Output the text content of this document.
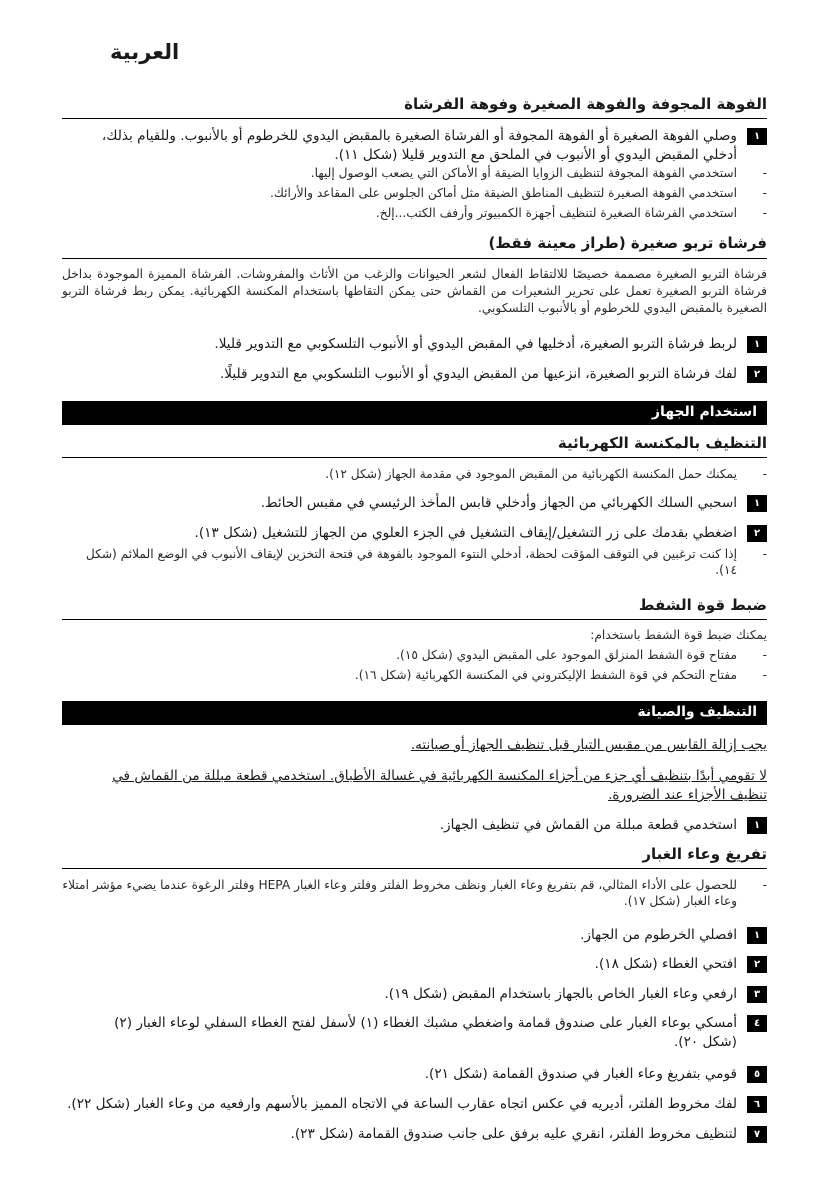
العربية
الفوهة المجوفة والفوهة الصغيرة وفوهة الفرشاة
١
وصلي الفوهة الصغيرة أو الفوهة المجوفة أو الفرشاة الصغيرة بالمقبض اليدوي للخرطوم أو بالأنبوب. وللقيام بذلك،
أدخلي المقبض اليدوي أو الأنبوب في الملحق مع التدوير قليلا (شكل ١١).
-
استخدمي الفوهة المجوفة لتنظيف الزوايا الضيقة أو الأماكن التي يصعب الوصول إليها.
-
استخدمي الفوهة الصغيرة لتنظيف المناطق الضيقة مثل أماكن الجلوس على المقاعد والأرائك.
-
استخدمي الفرشاة الصغيرة لتنظيف أجهزة الكمبيوتر وأرفف الكتب...إلخ.
فرشاة تربو صغيرة (طراز معينة فقط)
فرشاة التربو الصغيرة مصممة خصيصًا للالتقاط الفعال لشعر الحيوانات والزغب من الأثاث والمفروشات. الفرشاة المميزة الموجودة بداخل فرشاة التربو الصغيرة تعمل على تحرير الشعيرات من القماش حتى يمكن التقاطها باستخدام المكنسة الكهربائية. يمكن ربط فرشاة التربو الصغيرة بالمقبض اليدوي للخرطوم أو بالأنبوب التلسكوبي.
١
لربط فرشاة التربو الصغيرة، أدخليها في المقبض اليدوي أو الأنبوب التلسكوبي مع التدوير قليلا.
٢
لفك فرشاة التربو الصغيرة، انزعيها من المقبض اليدوي أو الأنبوب التلسكوبي مع التدوير قليلًا.
استخدام الجهاز
التنظيف بالمكنسة الكهربائية
-
يمكنك حمل المكنسة الكهربائية من المقبض الموجود في مقدمة الجهاز (شكل ١٢).
١
اسحبي السلك الكهربائي من الجهاز وأدخلي قابس المأخذ الرئيسي في مقبس الحائط.
٢
اضغطي بقدمك على زر التشغيل/إيقاف التشغيل في الجزء العلوي من الجهاز للتشغيل (شكل ١٣).
-
إذا كنت ترغبين في التوقف المؤقت لحظة، أدخلي النتوء الموجود بالفوهة في فتحة التخزين لإيقاف الأنبوب في الوضع الملائم (شكل ١٤).
ضبط قوة الشفط
يمكنك ضبط قوة الشفط باستخدام:
-
مفتاح قوة الشفط المنزلق الموجود على المقبض اليدوي (شكل ١٥).
-
مفتاح التحكم في قوة الشفط الإليكتروني في المكنسة الكهربائية (شكل ١٦).
التنظيف والصيانة
يجب إزالة القابس من مقبس التيار قبل تنظيف الجهاز أو صيانته.
لا تقومي أبدًا بتنظيف أي جزء من أجزاء المكنسة الكهربائية في غسالة الأطباق. استخدمي قطعة مبللة من القماش في تنظيف الأجزاء عند الضرورة.
١
استخدمي قطعة مبللة من القماش في تنظيف الجهاز.
تفريغ وعاء الغبار
-
للحصول على الأداء المثالي، قم بتفريغ وعاء الغبار ونظف مخروط الفلتر وفلتر وعاء الغبار HEPA وفلتر الرغوة عندما يضيء مؤشر امتلاء وعاء الغبار (شكل ١٧).
١
افصلي الخرطوم من الجهاز.
٢
افتحي الغطاء (شكل ١٨).
٣
ارفعي وعاء الغبار الخاص بالجهاز باستخدام المقبض (شكل ١٩).
٤
أمسكي بوعاء الغبار على صندوق قمامة واضغطي مشبك الغطاء (١) لأسفل لفتح الغطاء السفلي لوعاء الغبار (٢) (شكل ٢٠).
٥
قومي بتفريغ وعاء الغبار في صندوق القمامة (شكل ٢١).
٦
لفك مخروط الفلتر، أديريه في عكس اتجاه عقارب الساعة في الاتجاه المميز بالأسهم وارفعيه من وعاء الغبار (شكل ٢٢).
٧
لتنظيف مخروط الفلتر، انقري عليه برفق على جانب صندوق القمامة (شكل ٢٣).
